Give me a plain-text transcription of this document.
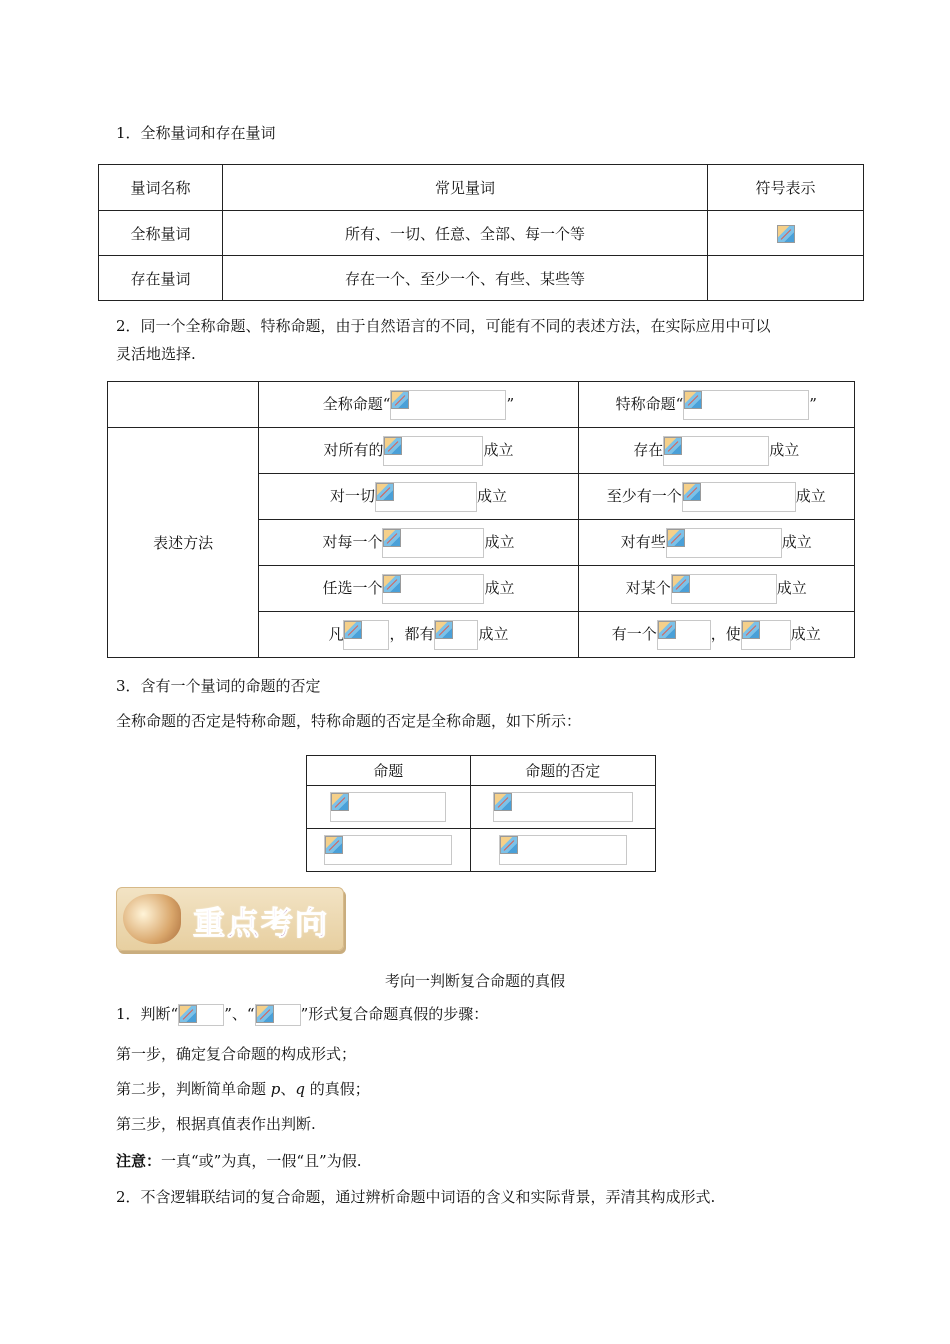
1．全称量词和存在量词
量词名称	常见量词	符号表示
全称量词	所有、一切、任意、全部、每一个等	
存在量词	存在一个、至少一个、有些、某些等	
2．同一个全称命题、特称命题，由于自然语言的不同，可能有不同的表述方法，在实际应用中可以
灵活地选择.
	全称命题“ ”	特称命题“ ”
表述方法	对所有的 成立	存在 成立
	对一切 成立	至少有一个 成立
	对每一个 成立	对有些 成立
	任选一个 成立	对某个 成立
	凡 ，都有 成立	有一个 ，使 成立
3．含有一个量词的命题的否定
全称命题的否定是特称命题，特称命题的否定是全称命题，如下所示：
命题	命题的否定

重点考向
考向一判断复合命题的真假
1．判断“	”、“	”形式复合命题真假的步骤：
第一步，确定复合命题的构成形式；
第二步，判断简单命题 p、q 的真假；
第三步，根据真值表作出判断.
注意：一真“或”为真，一假“且”为假.
2．不含逻辑联结词的复合命题，通过辨析命题中词语的含义和实际背景，弄清其构成形式.
